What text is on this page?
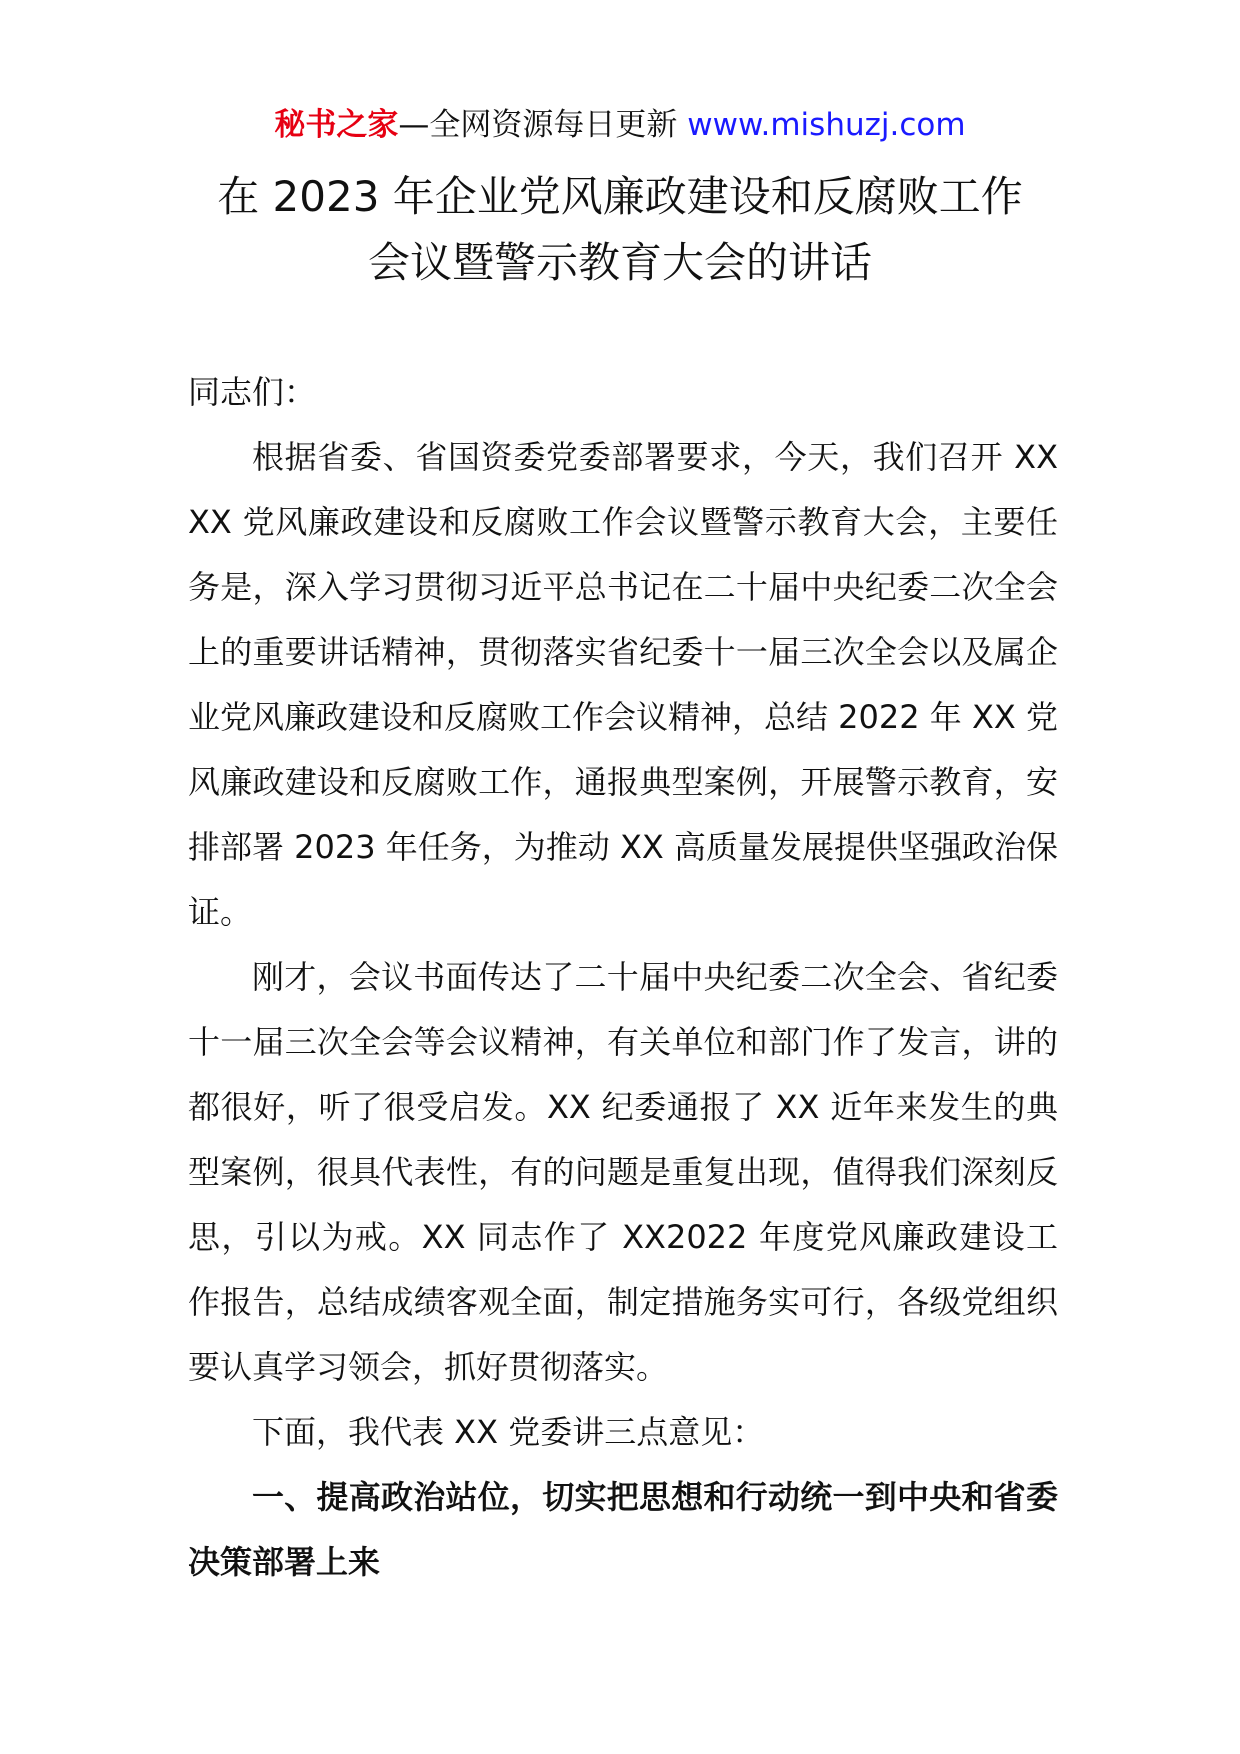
秘书之家—全网资源每日更新 www.mishuzj.com
在 2023 年企业党风廉政建设和反腐败工作
会议暨警示教育大会的讲话

同志们：

根据省委、省国资委党委部署要求，今天，我们召开 XXXX 党风廉政建设和反腐败工作会议暨警示教育大会，主要任务是，深入学习贯彻习近平总书记在二十届中央纪委二次全会上的重要讲话精神，贯彻落实省纪委十一届三次全会以及属企业党风廉政建设和反腐败工作会议精神，总结 2022 年 XX 党风廉政建设和反腐败工作，通报典型案例，开展警示教育，安排部署 2023 年任务，为推动 XX 高质量发展提供坚强政治保证。

刚才，会议书面传达了二十届中央纪委二次全会、省纪委十一届三次全会等会议精神，有关单位和部门作了发言，讲的都很好，听了很受启发。XX 纪委通报了 XX 近年来发生的典型案例，很具代表性，有的问题是重复出现，值得我们深刻反思，引以为戒。XX 同志作了 XX2022 年度党风廉政建设工作报告，总结成绩客观全面，制定措施务实可行，各级党组织要认真学习领会，抓好贯彻落实。

下面，我代表 XX 党委讲三点意见：

一、提高政治站位，切实把思想和行动统一到中央和省委决策部署上来
